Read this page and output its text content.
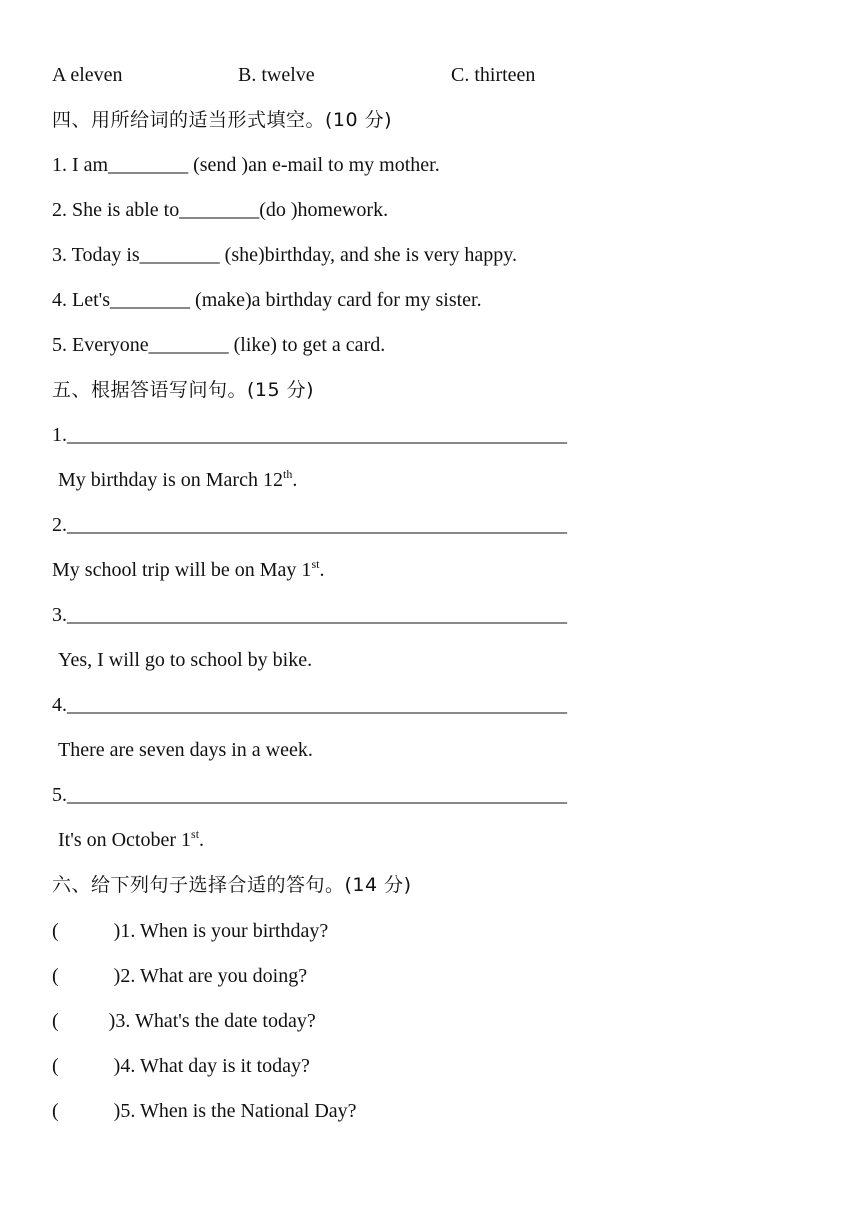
A eleven	B. twelve	C. thirteen
四、用所给词的适当形式填空。(10 分)
1. I am________ (send )an e-mail to my mother.
2. She is able to________(do )homework.
3. Today is________ (she)birthday, and she is very happy.
4. Let's________ (make)a birthday card for my sister.
5. Everyone________ (like) to get a card.
五、根据答语写问句。(15 分)
1.__________________________________________________
My birthday is on March 12th.
2.__________________________________________________
My school trip will be on May 1st.
3.__________________________________________________
Yes, I will go to school by bike.
4.__________________________________________________
There are seven days in a week.
5.__________________________________________________
It's on October 1st.
六、给下列句子选择合适的答句。(14 分)
(           )1. When is your birthday?
(           )2. What are you doing?
(          )3. What's the date today?
(           )4. What day is it today?
(           )5. When is the National Day?
